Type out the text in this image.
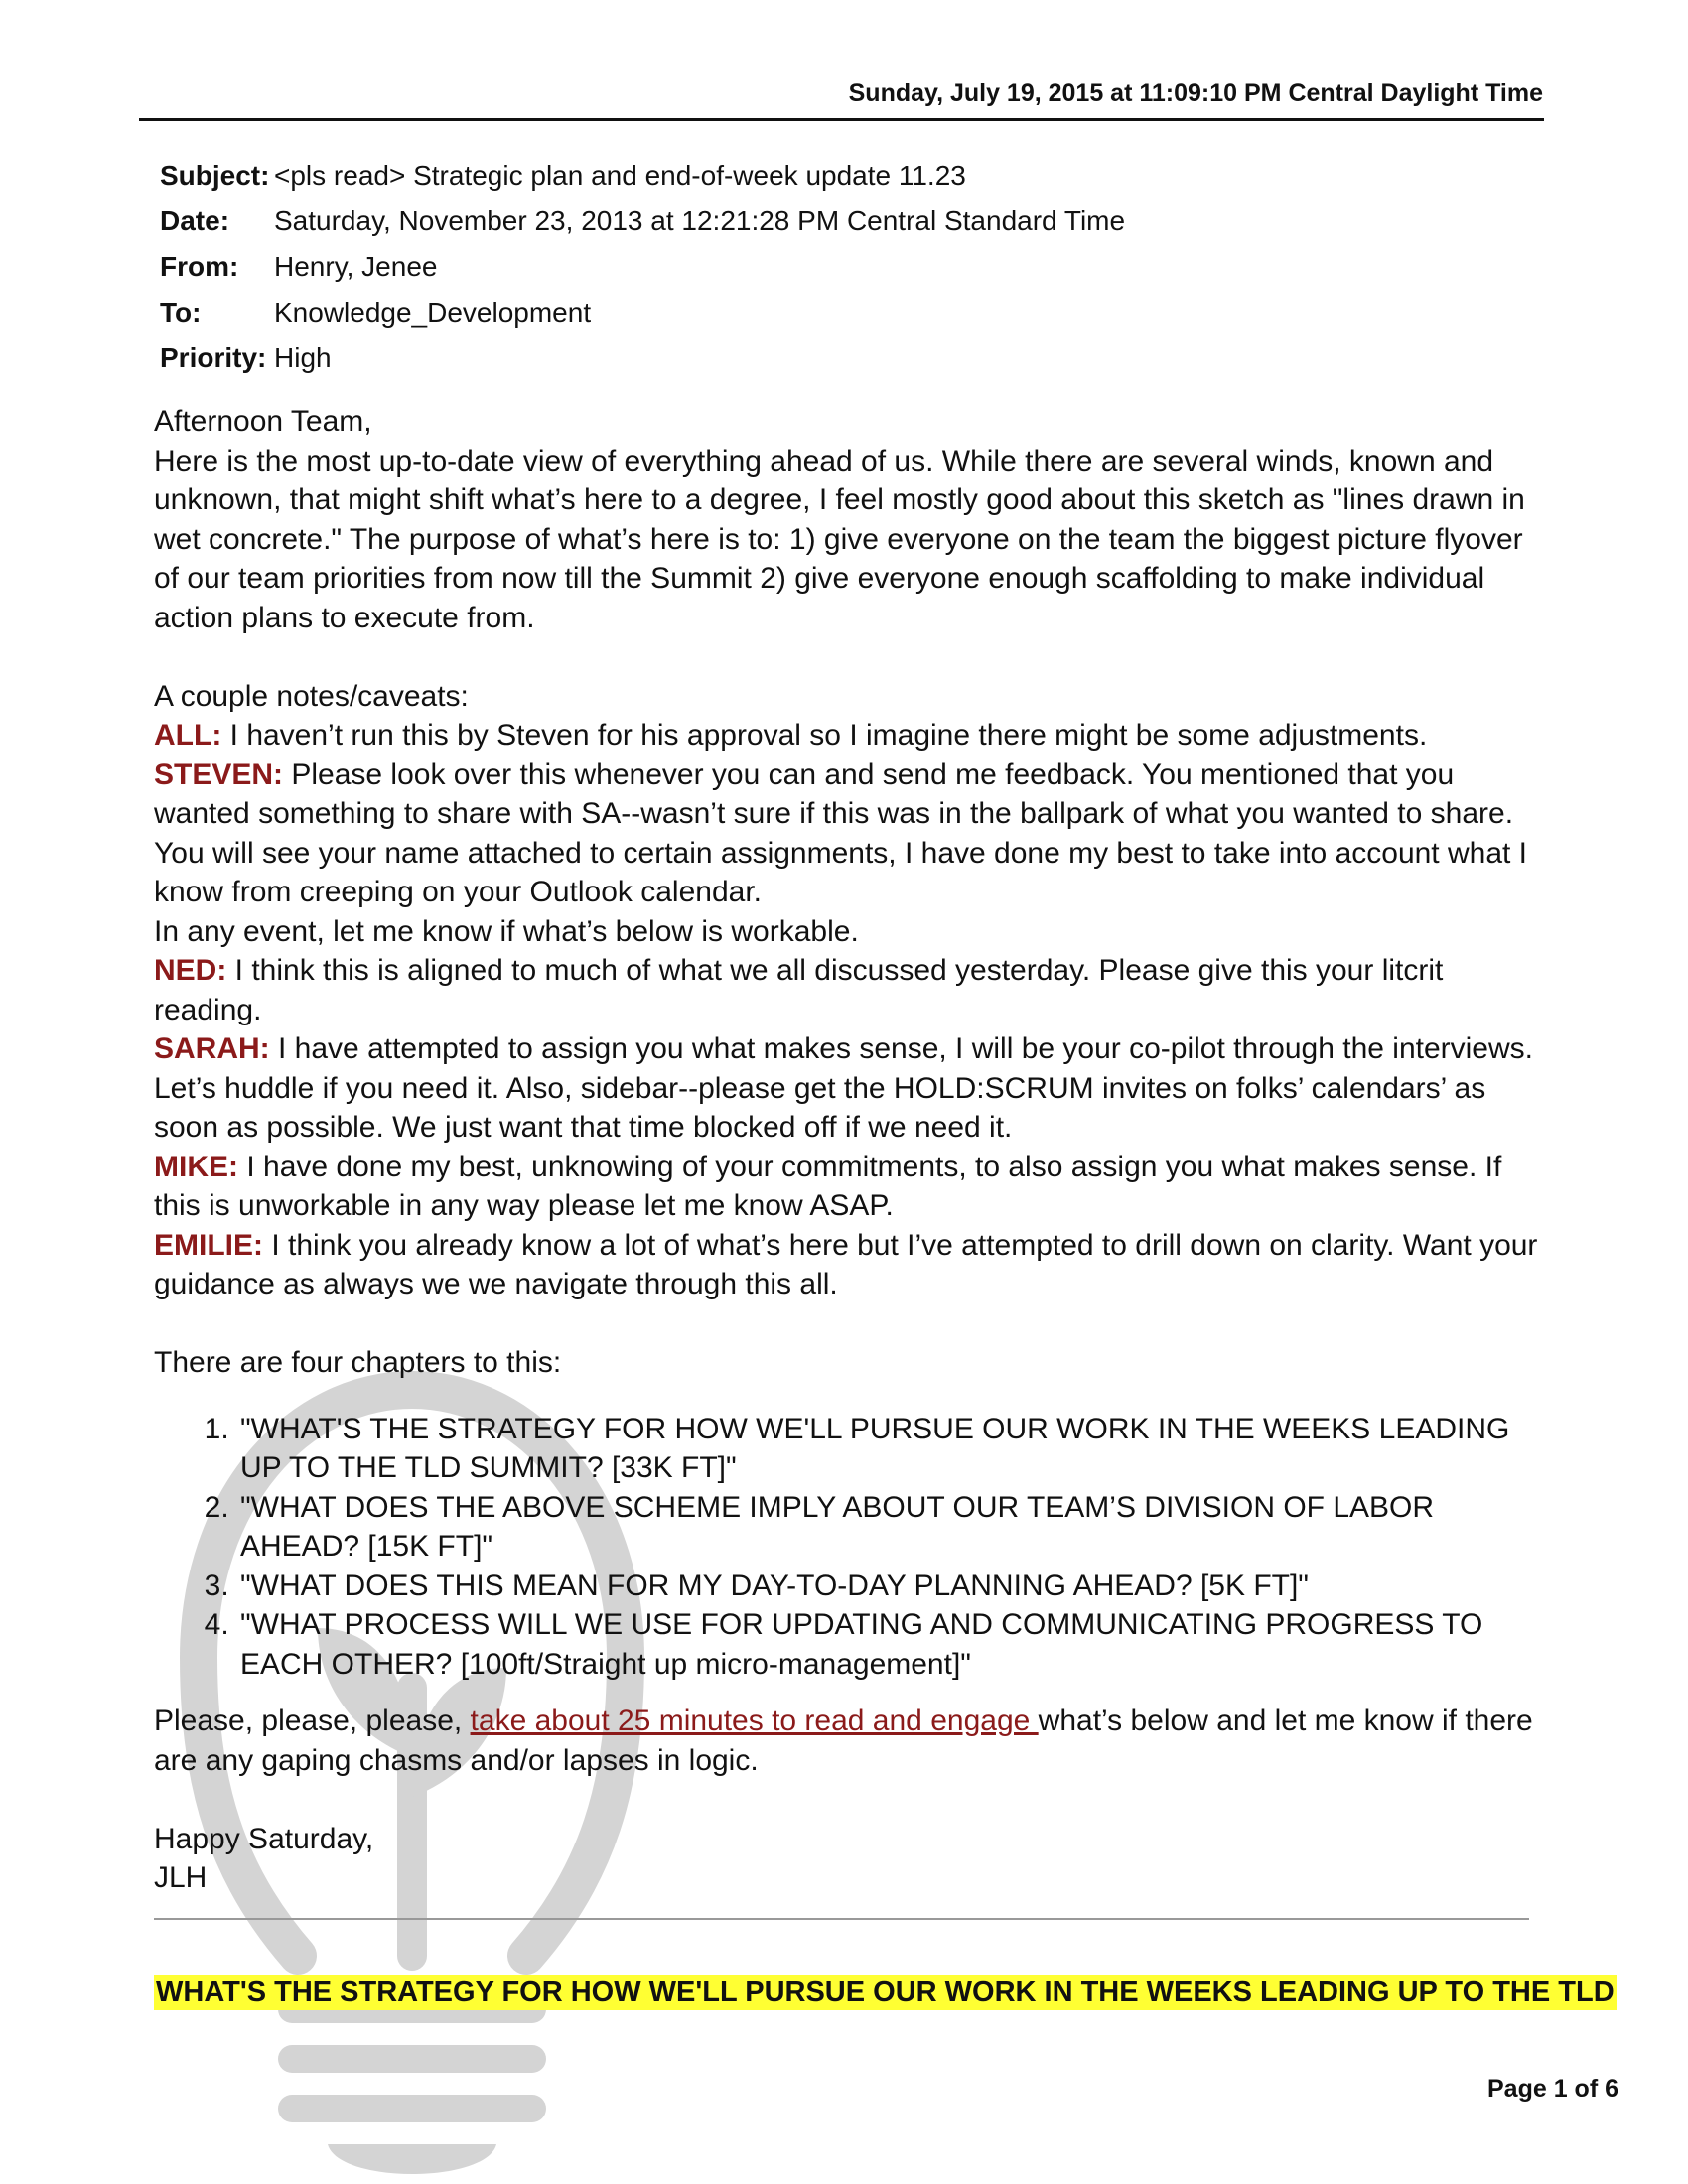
Sunday, July 19, 2015 at 11:09:10 PM Central Daylight Time
Subject: <pls read> Strategic plan and end-of-week update 11.23
Date:	Saturday, November 23, 2013 at 12:21:28 PM Central Standard Time
From:	Henry, Jenee
To:	Knowledge_Development
Priority: High

Afternoon Team,

Here is the most up-to-date view of everything ahead of us. While there are several winds, known and unknown, that might shift what’s here to a degree, I feel mostly good about this sketch as "lines drawn in wet concrete." The purpose of what’s here is to: 1) give everyone on the team the biggest picture flyover of our team priorities from now till the Summit 2) give everyone enough scaffolding to make individual action plans to execute from.

A couple notes/caveats:

ALL: I haven’t run this by Steven for his approval so I imagine there might be some adjustments.

STEVEN: Please look over this whenever you can and send me feedback. You mentioned that you wanted something to share with SA--wasn’t sure if this was in the ballpark of what you wanted to share. You will see your name attached to certain assignments, I have done my best to take into account what I know from creeping on your Outlook calendar.

In any event, let me know if what’s below is workable.

NED: I think this is aligned to much of what we all discussed yesterday. Please give this your litcrit reading.

SARAH: I have attempted to assign you what makes sense, I will be your co-pilot through the interviews. Let’s huddle if you need it. Also, sidebar--please get the HOLD:SCRUM invites on folks’ calendars’ as soon as possible. We just want that time blocked off if we need it.

MIKE: I have done my best, unknowing of your commitments, to also assign you what makes sense. If this is unworkable in any way please let me know ASAP.

EMILIE: I think you already know a lot of what’s here but I’ve attempted to drill down on clarity. Want your guidance as always we we navigate through this all.

There are four chapters to this:

1. "WHAT'S THE STRATEGY FOR HOW WE'LL PURSUE OUR WORK IN THE WEEKS LEADING UP TO THE TLD SUMMIT? [33K FT]"
2. "WHAT DOES THE ABOVE SCHEME IMPLY ABOUT OUR TEAM’S DIVISION OF LABOR AHEAD? [15K FT]"
3. "WHAT DOES THIS MEAN FOR MY DAY-TO-DAY PLANNING AHEAD? [5K FT]"
4. "WHAT PROCESS WILL WE USE FOR UPDATING AND COMMUNICATING PROGRESS TO EACH OTHER? [100ft/Straight up micro-management]"

Please, please, please, take about 25 minutes to read and engage what’s below and let me know if there are any gaping chasms and/or lapses in logic.

Happy Saturday,

JLH

WHAT'S THE STRATEGY FOR HOW WE'LL PURSUE OUR WORK IN THE WEEKS LEADING UP TO THE TLD
Page 1 of 6
